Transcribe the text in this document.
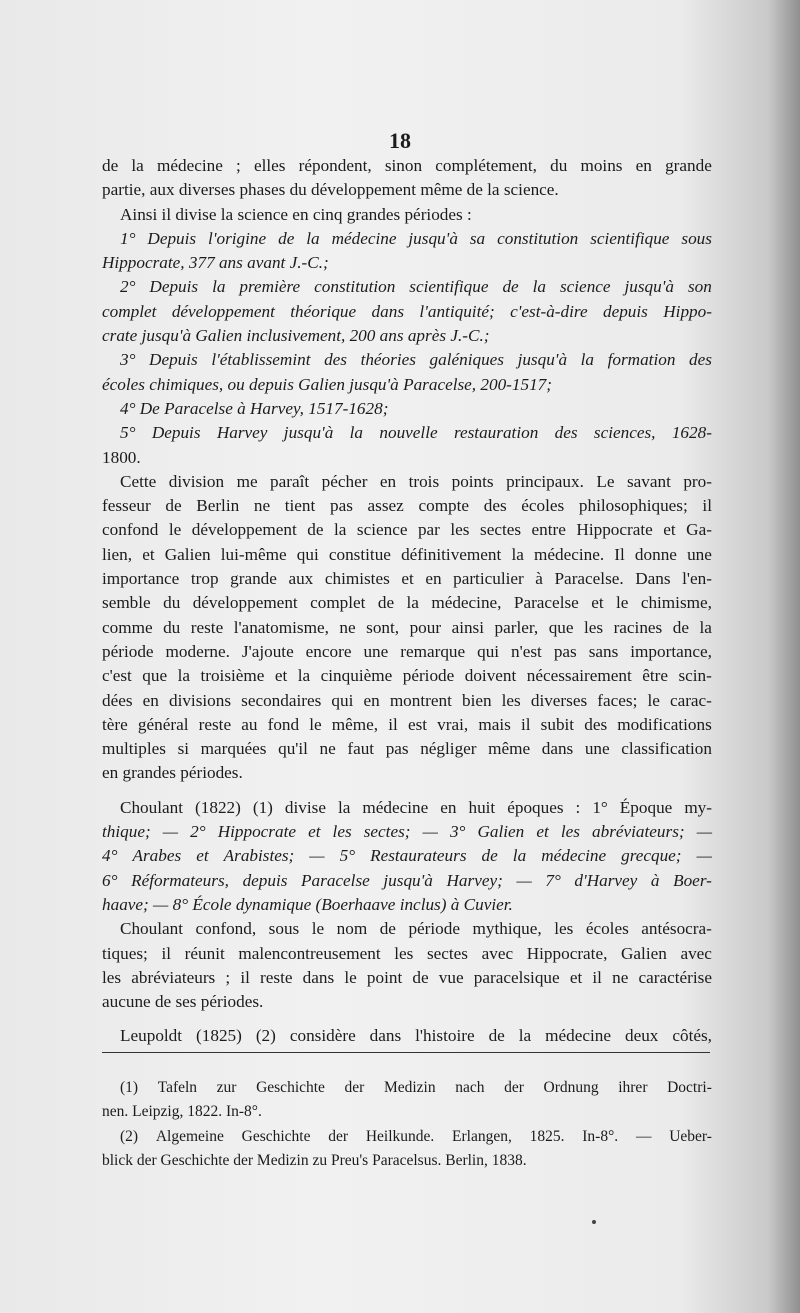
18
de la médecine ; elles répondent, sinon complétement, du moins en grande
partie, aux diverses phases du développement même de la science.
Ainsi il divise la science en cinq grandes périodes :
1° Depuis l'origine de la médecine jusqu'à sa constitution scientifique sous
Hippocrate, 377 ans avant J.-C.;
2° Depuis la première constitution scientifique de la science jusqu'à son
complet développement théorique dans l'antiquité; c'est-à-dire depuis Hippo-
crate jusqu'à Galien inclusivement, 200 ans après J.-C.;
3° Depuis l'établissemint des théories galéniques jusqu'à la formation des
écoles chimiques, ou depuis Galien jusqu'à Paracelse, 200-1517;
4° De Paracelse à Harvey, 1517-1628;
5° Depuis Harvey jusqu'à la nouvelle restauration des sciences, 1628-
1800.
Cette division me paraît pécher en trois points principaux. Le savant pro-
fesseur de Berlin ne tient pas assez compte des écoles philosophiques; il
confond le développement de la science par les sectes entre Hippocrate et Ga-
lien, et Galien lui-même qui constitue définitivement la médecine. Il donne une
importance trop grande aux chimistes et en particulier à Paracelse. Dans l'en-
semble du développement complet de la médecine, Paracelse et le chimisme,
comme du reste l'anatomisme, ne sont, pour ainsi parler, que les racines de la
période moderne. J'ajoute encore une remarque qui n'est pas sans importance,
c'est que la troisième et la cinquième période doivent nécessairement être scin-
dées en divisions secondaires qui en montrent bien les diverses faces; le carac-
tère général reste au fond le même, il est vrai, mais il subit des modifications
multiples si marquées qu'il ne faut pas négliger même dans une classification
en grandes périodes.
Choulant (1822) (1) divise la médecine en huit époques : 1° Époque my-
thique; — 2° Hippocrate et les sectes; — 3° Galien et les abréviateurs; —
4° Arabes et Arabistes; — 5° Restaurateurs de la médecine grecque; —
6° Réformateurs, depuis Paracelse jusqu'à Harvey; — 7° d'Harvey à Boer-
haave; — 8° École dynamique (Boerhaave inclus) à Cuvier.
Choulant confond, sous le nom de période mythique, les écoles antésocra-
tiques; il réunit malencontreusement les sectes avec Hippocrate, Galien avec
les abréviateurs ; il reste dans le point de vue paracelsique et il ne caractérise
aucune de ses périodes.
Leupoldt (1825) (2) considère dans l'histoire de la médecine deux côtés,
(1) Tafeln zur Geschichte der Medizin nach der Ordnung ihrer Doctri-
nen. Leipzig, 1822. In-8°.
(2) Algemeine Geschichte der Heilkunde. Erlangen, 1825. In-8°. — Ueber-
blick der Geschichte der Medizin zu Preu's Paracelsus. Berlin, 1838.
